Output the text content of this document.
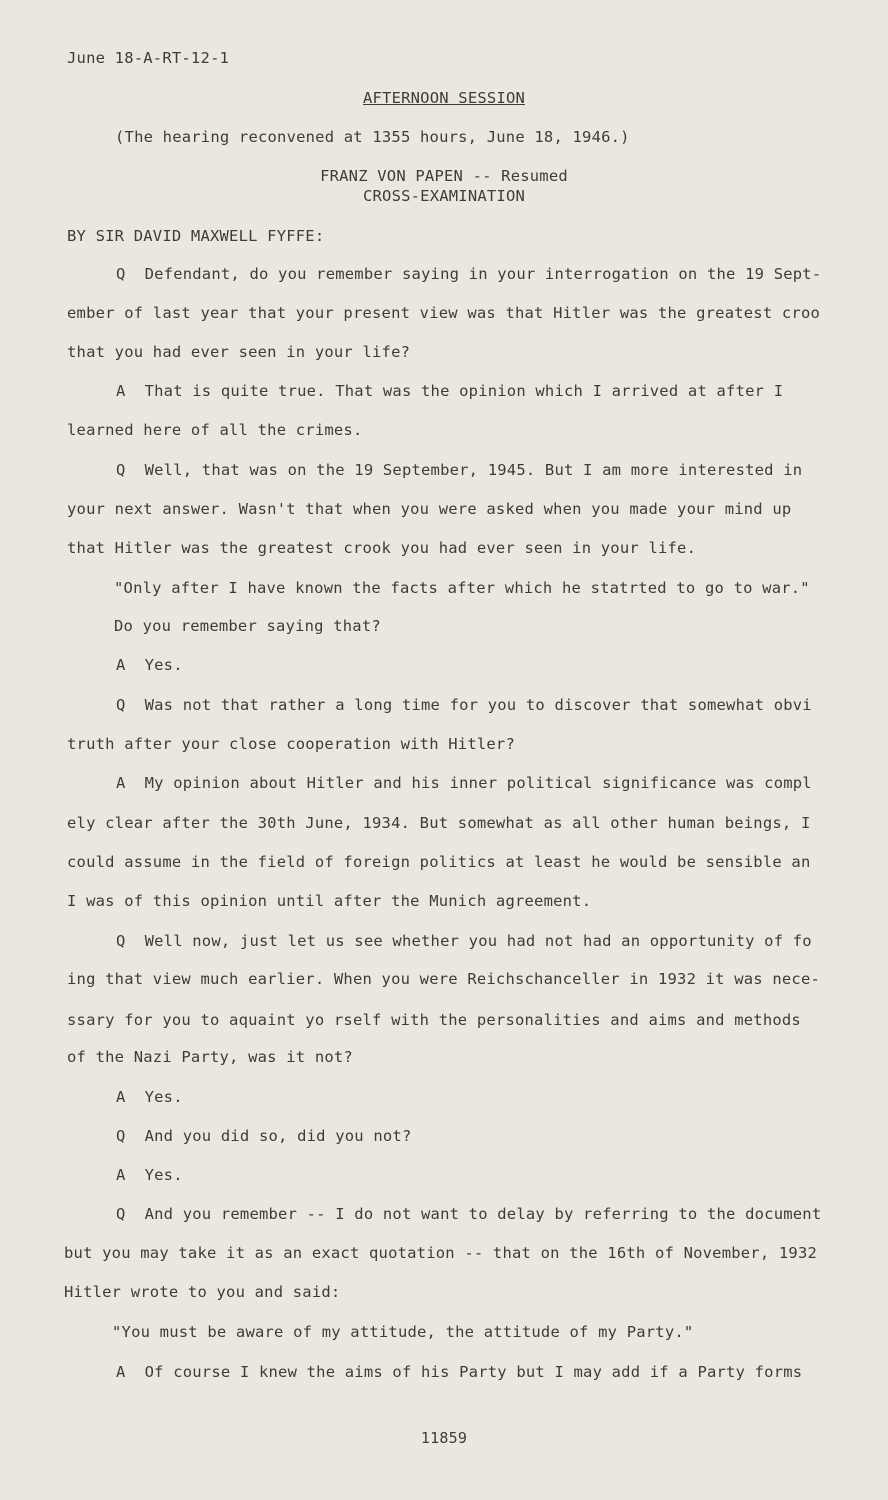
June 18-A-RT-12-1
AFTERNOON SESSION
(The hearing reconvened at 1355 hours, June 18, 1946.)
FRANZ VON PAPEN -- Resumed
CROSS-EXAMINATION
BY SIR DAVID MAXWELL FYFFE:
Q  Defendant, do you remember saying in your interrogation on the 19 Sept-
ember of last year that your present view was that Hitler was the greatest croo
that you had ever seen in your life?
A  That is quite true. That was the opinion which I arrived at after I
learned here of all the crimes.
Q  Well, that was on the 19 September, 1945. But I am more interested in
your next answer. Wasn't that when you were asked when you made your mind up
that Hitler was the greatest crook you had ever seen in your life.
"Only after I have known the facts after which he statrted to go to war."
Do you remember saying that?
A  Yes.
Q  Was not that rather a long time for you to discover that somewhat obvi
truth after your close cooperation with Hitler?
A  My opinion about Hitler and his inner political significance was compl
ely clear after the 30th June, 1934. But somewhat as all other human beings, I
could assume in the field of foreign politics at least he would be sensible an
I was of this opinion until after the Munich agreement.
Q  Well now, just let us see whether you had not had an opportunity of fo
ing that view much earlier. When you were Reichschanceller in 1932 it was nece-
ssary for you to aquaint yo rself with the personalities and aims and methods
of the Nazi Party, was it not?
A  Yes.
Q  And you did so, did you not?
A  Yes.
Q  And you remember -- I do not want to delay by referring to the document
but you may take it as an exact quotation -- that on the 16th of November, 1932
Hitler wrote to you and said:
"You must be aware of my attitude, the attitude of my Party."
A  Of course I knew the aims of his Party but I may add if a Party forms
11859
